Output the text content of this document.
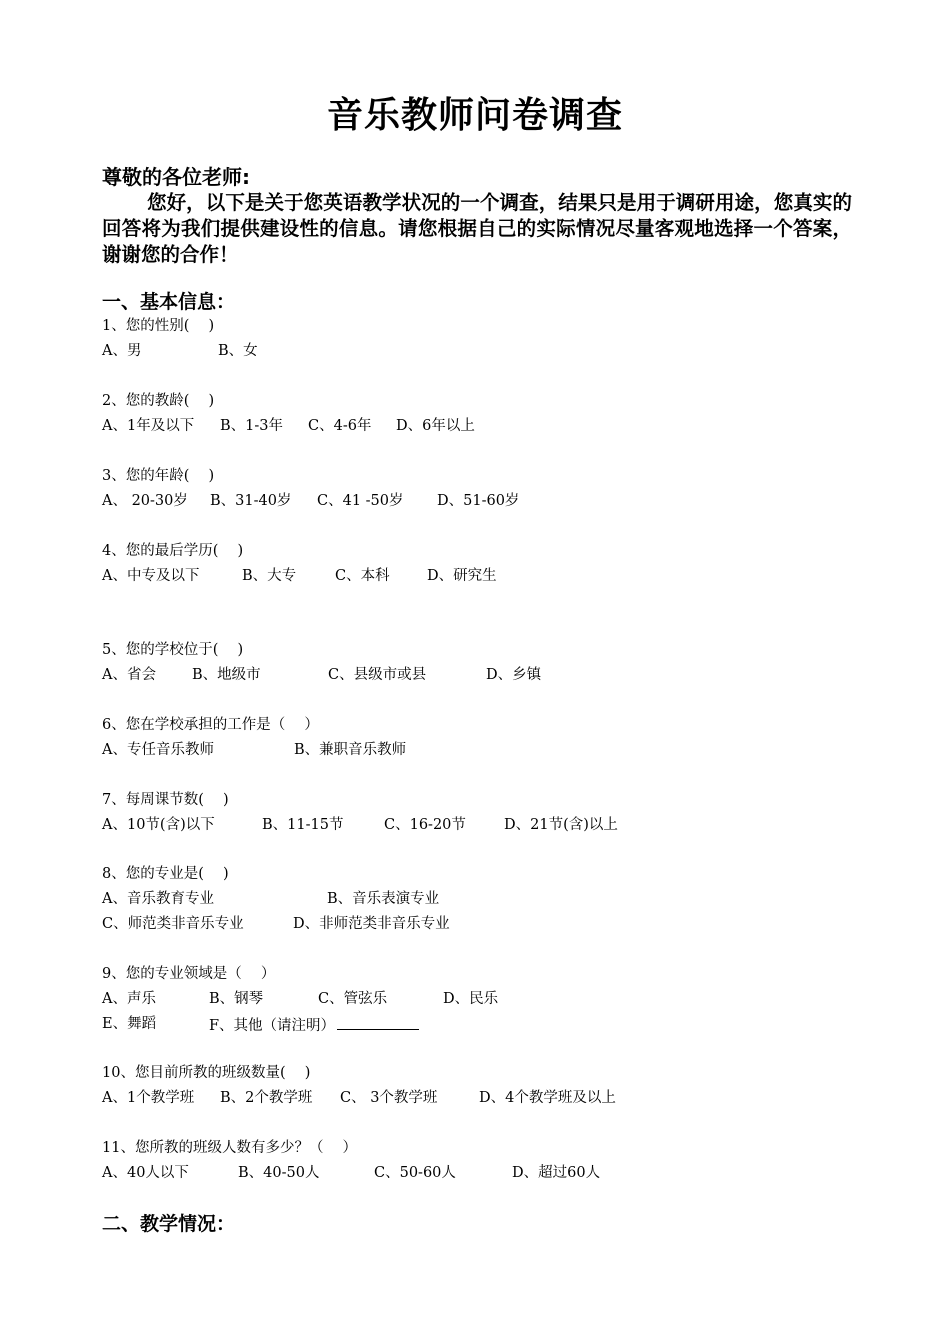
音乐教师问卷调查
尊敬的各位老师:
您好，以下是关于您英语教学状况的一个调查，结果只是用于调研用途，您真实的回答将为我们提供建设性的信息。请您根据自己的实际情况尽量客观地选择一个答案，谢谢您的合作！
一、基本信息：
1、您的性别(　 )
A、男	B、女
2、您的教龄(　 )
A、1年及以下 B、1-3年 C、4-6年 D、6年以上
3、您的年龄(　 )
A、 20-30岁 B、31-40岁 C、41 -50岁 D、51-60岁
4、您的最后学历(　 )
A、中专及以下	B、大专	C、本科	D、研究生
5、您的学校位于(　 )
A、省会 B、地级市	C、县级市或县	D、乡镇
6、您在学校承担的工作是（　 ）
A、专任音乐教师	B、兼职音乐教师
7、每周课节数(　 )
A、10节(含)以下	B、11-15节	C、16-20节	D、21节(含)以上
8、您的专业是(　 )
A、音乐教育专业	B、音乐表演专业
C、师范类非音乐专业	D、非师范类非音乐专业
9、您的专业领域是（　 ）
A、声乐	B、钢琴	C、管弦乐	D、民乐
E、舞蹈	F、其他（请注明）
10、您目前所教的班级数量(　 )
A、1个教学班 B、2个教学班 C、 3个教学班	D、4个教学班及以上
11、您所教的班级人数有多少？（　 ）
A、40人以下	B、40-50人	C、50-60人	D、超过60人
二、教学情况：
